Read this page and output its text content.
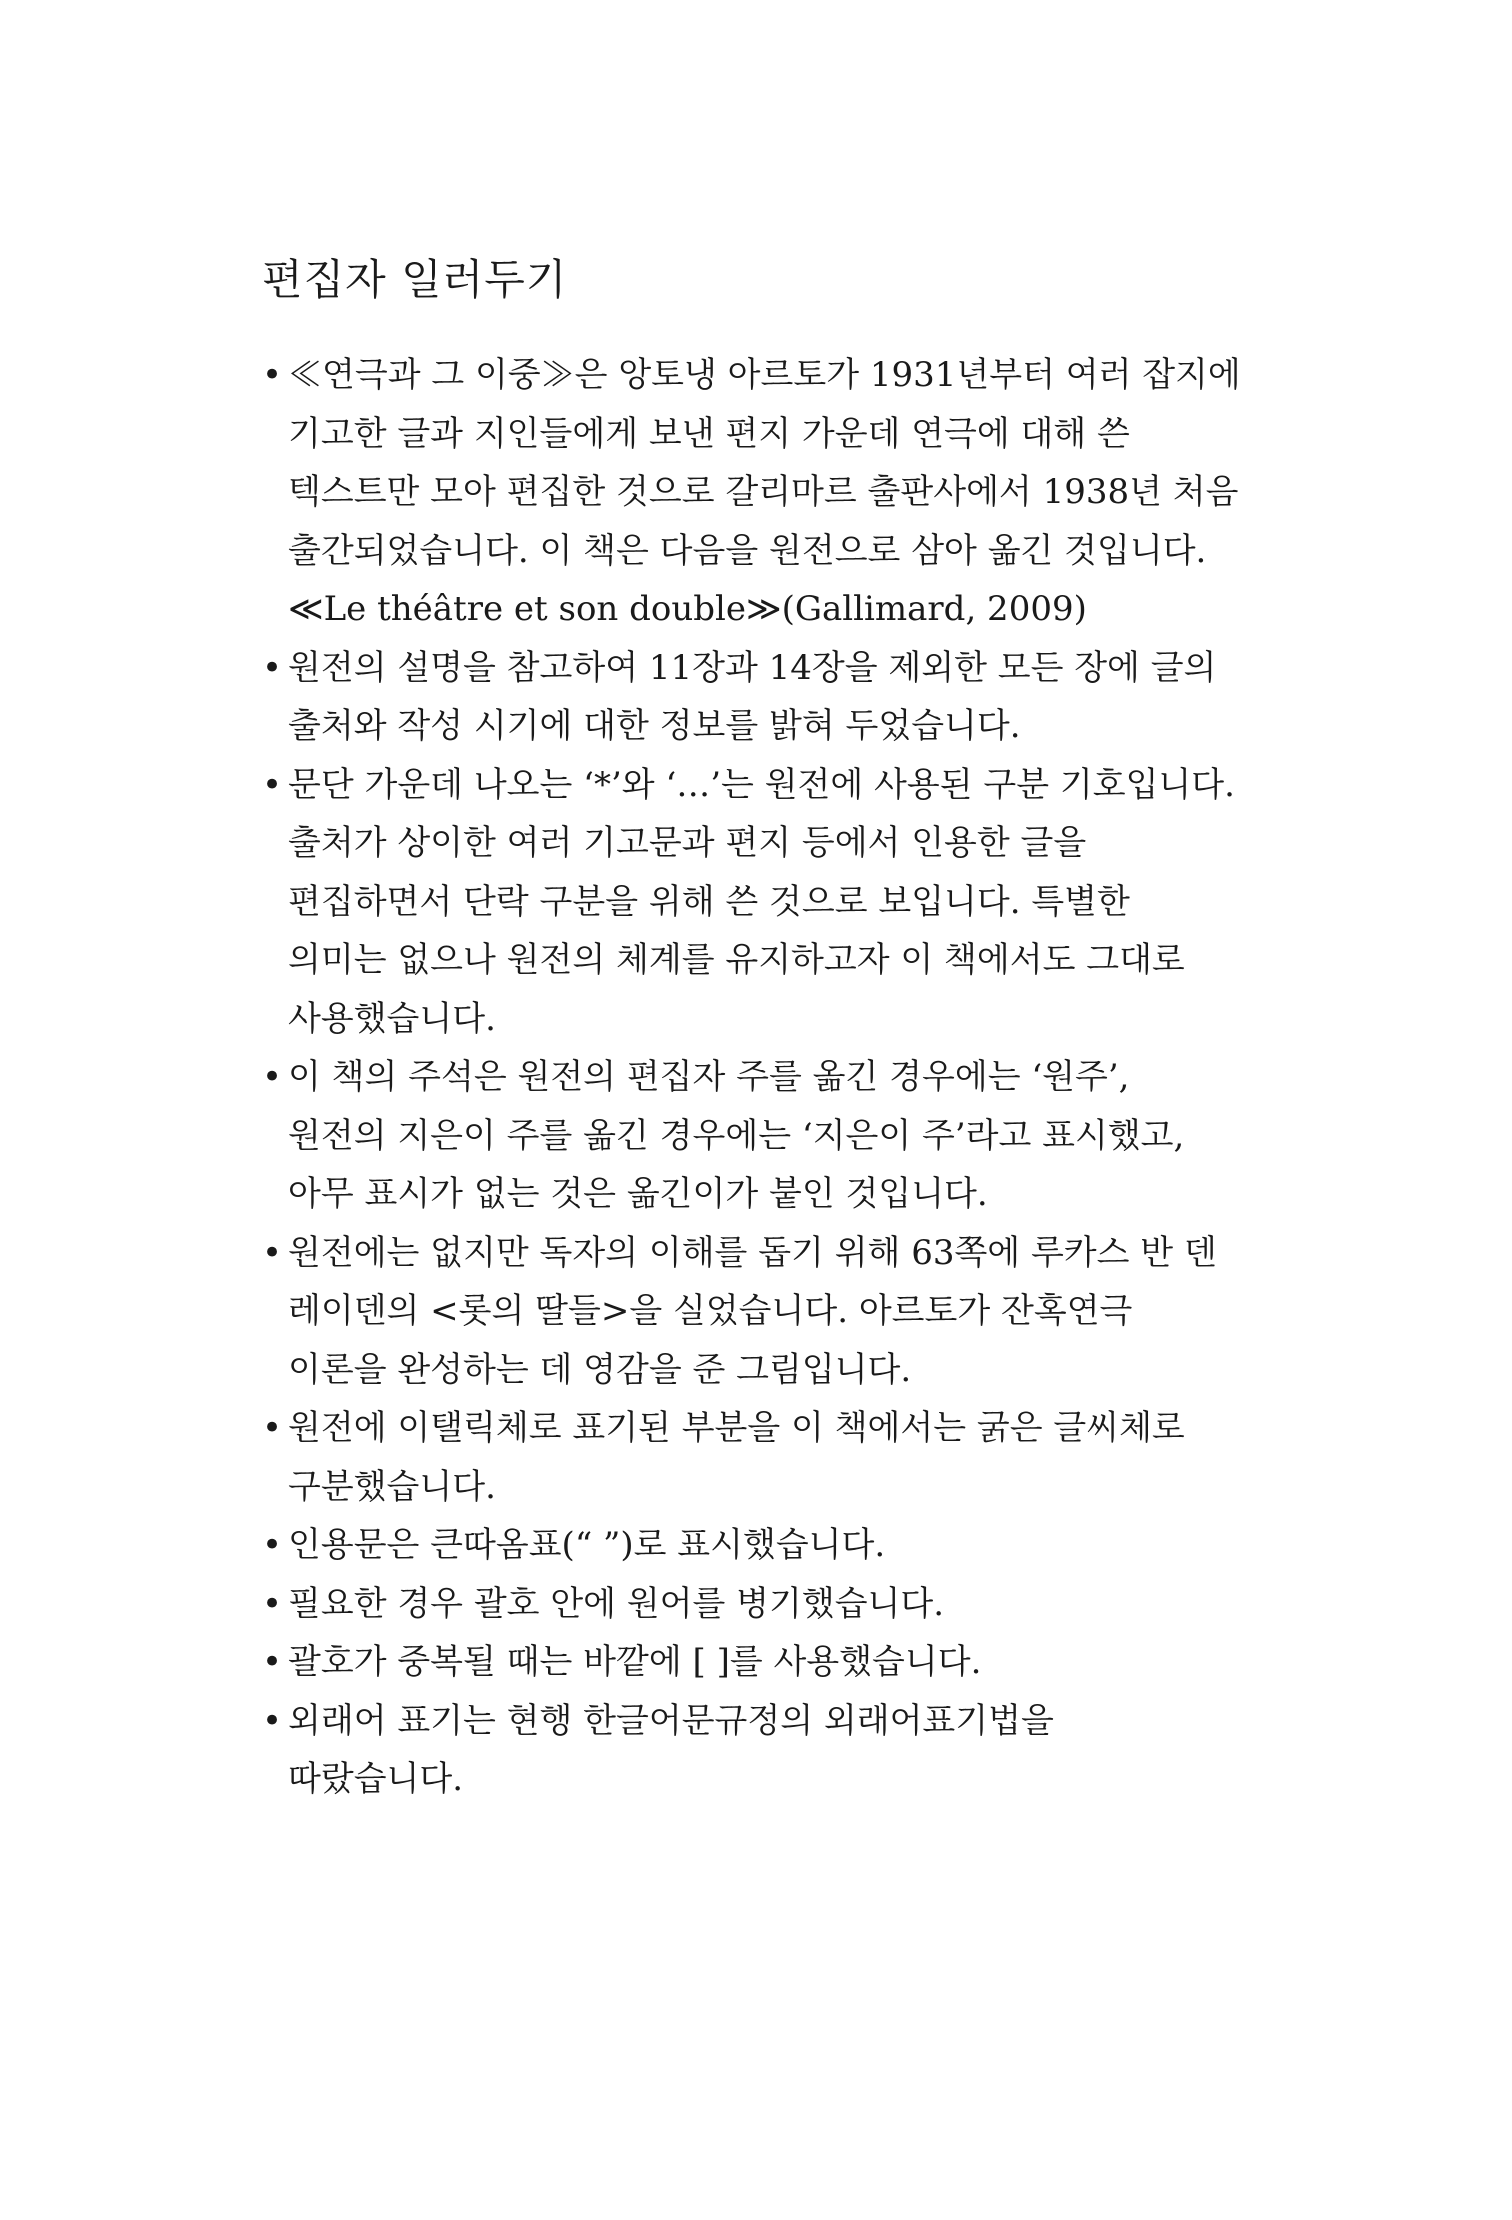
편집자 일러두기
• ≪연극과 그 이중≫은 앙토냉 아르토가 1931년부터 여러 잡지에
기고한 글과 지인들에게 보낸 편지 가운데 연극에 대해 쓴
텍스트만 모아 편집한 것으로 갈리마르 출판사에서 1938년 처음
출간되었습니다. 이 책은 다음을 원전으로 삼아 옮긴 것입니다.
≪Le théâtre et son double≫(Gallimard, 2009)
• 원전의 설명을 참고하여 11장과 14장을 제외한 모든 장에 글의
출처와 작성 시기에 대한 정보를 밝혀 두었습니다.
• 문단 가운데 나오는 ‘*’와 ‘…’는 원전에 사용된 구분 기호입니다.
출처가 상이한 여러 기고문과 편지 등에서 인용한 글을
편집하면서 단락 구분을 위해 쓴 것으로 보입니다. 특별한
의미는 없으나 원전의 체계를 유지하고자 이 책에서도 그대로
사용했습니다.
• 이 책의 주석은 원전의 편집자 주를 옮긴 경우에는 ‘원주’,
원전의 지은이 주를 옮긴 경우에는 ‘지은이 주’라고 표시했고,
아무 표시가 없는 것은 옮긴이가 붙인 것입니다.
• 원전에는 없지만 독자의 이해를 돕기 위해 63쪽에 루카스 반 덴
레이덴의 <롯의 딸들>을 실었습니다. 아르토가 잔혹연극
이론을 완성하는 데 영감을 준 그림입니다.
• 원전에 이탤릭체로 표기된 부분을 이 책에서는 굵은 글씨체로
구분했습니다.
• 인용문은 큰따옴표(“ ”)로 표시했습니다.
• 필요한 경우 괄호 안에 원어를 병기했습니다.
• 괄호가 중복될 때는 바깥에 [ ]를 사용했습니다.
• 외래어 표기는 현행 한글어문규정의 외래어표기법을
따랐습니다.
